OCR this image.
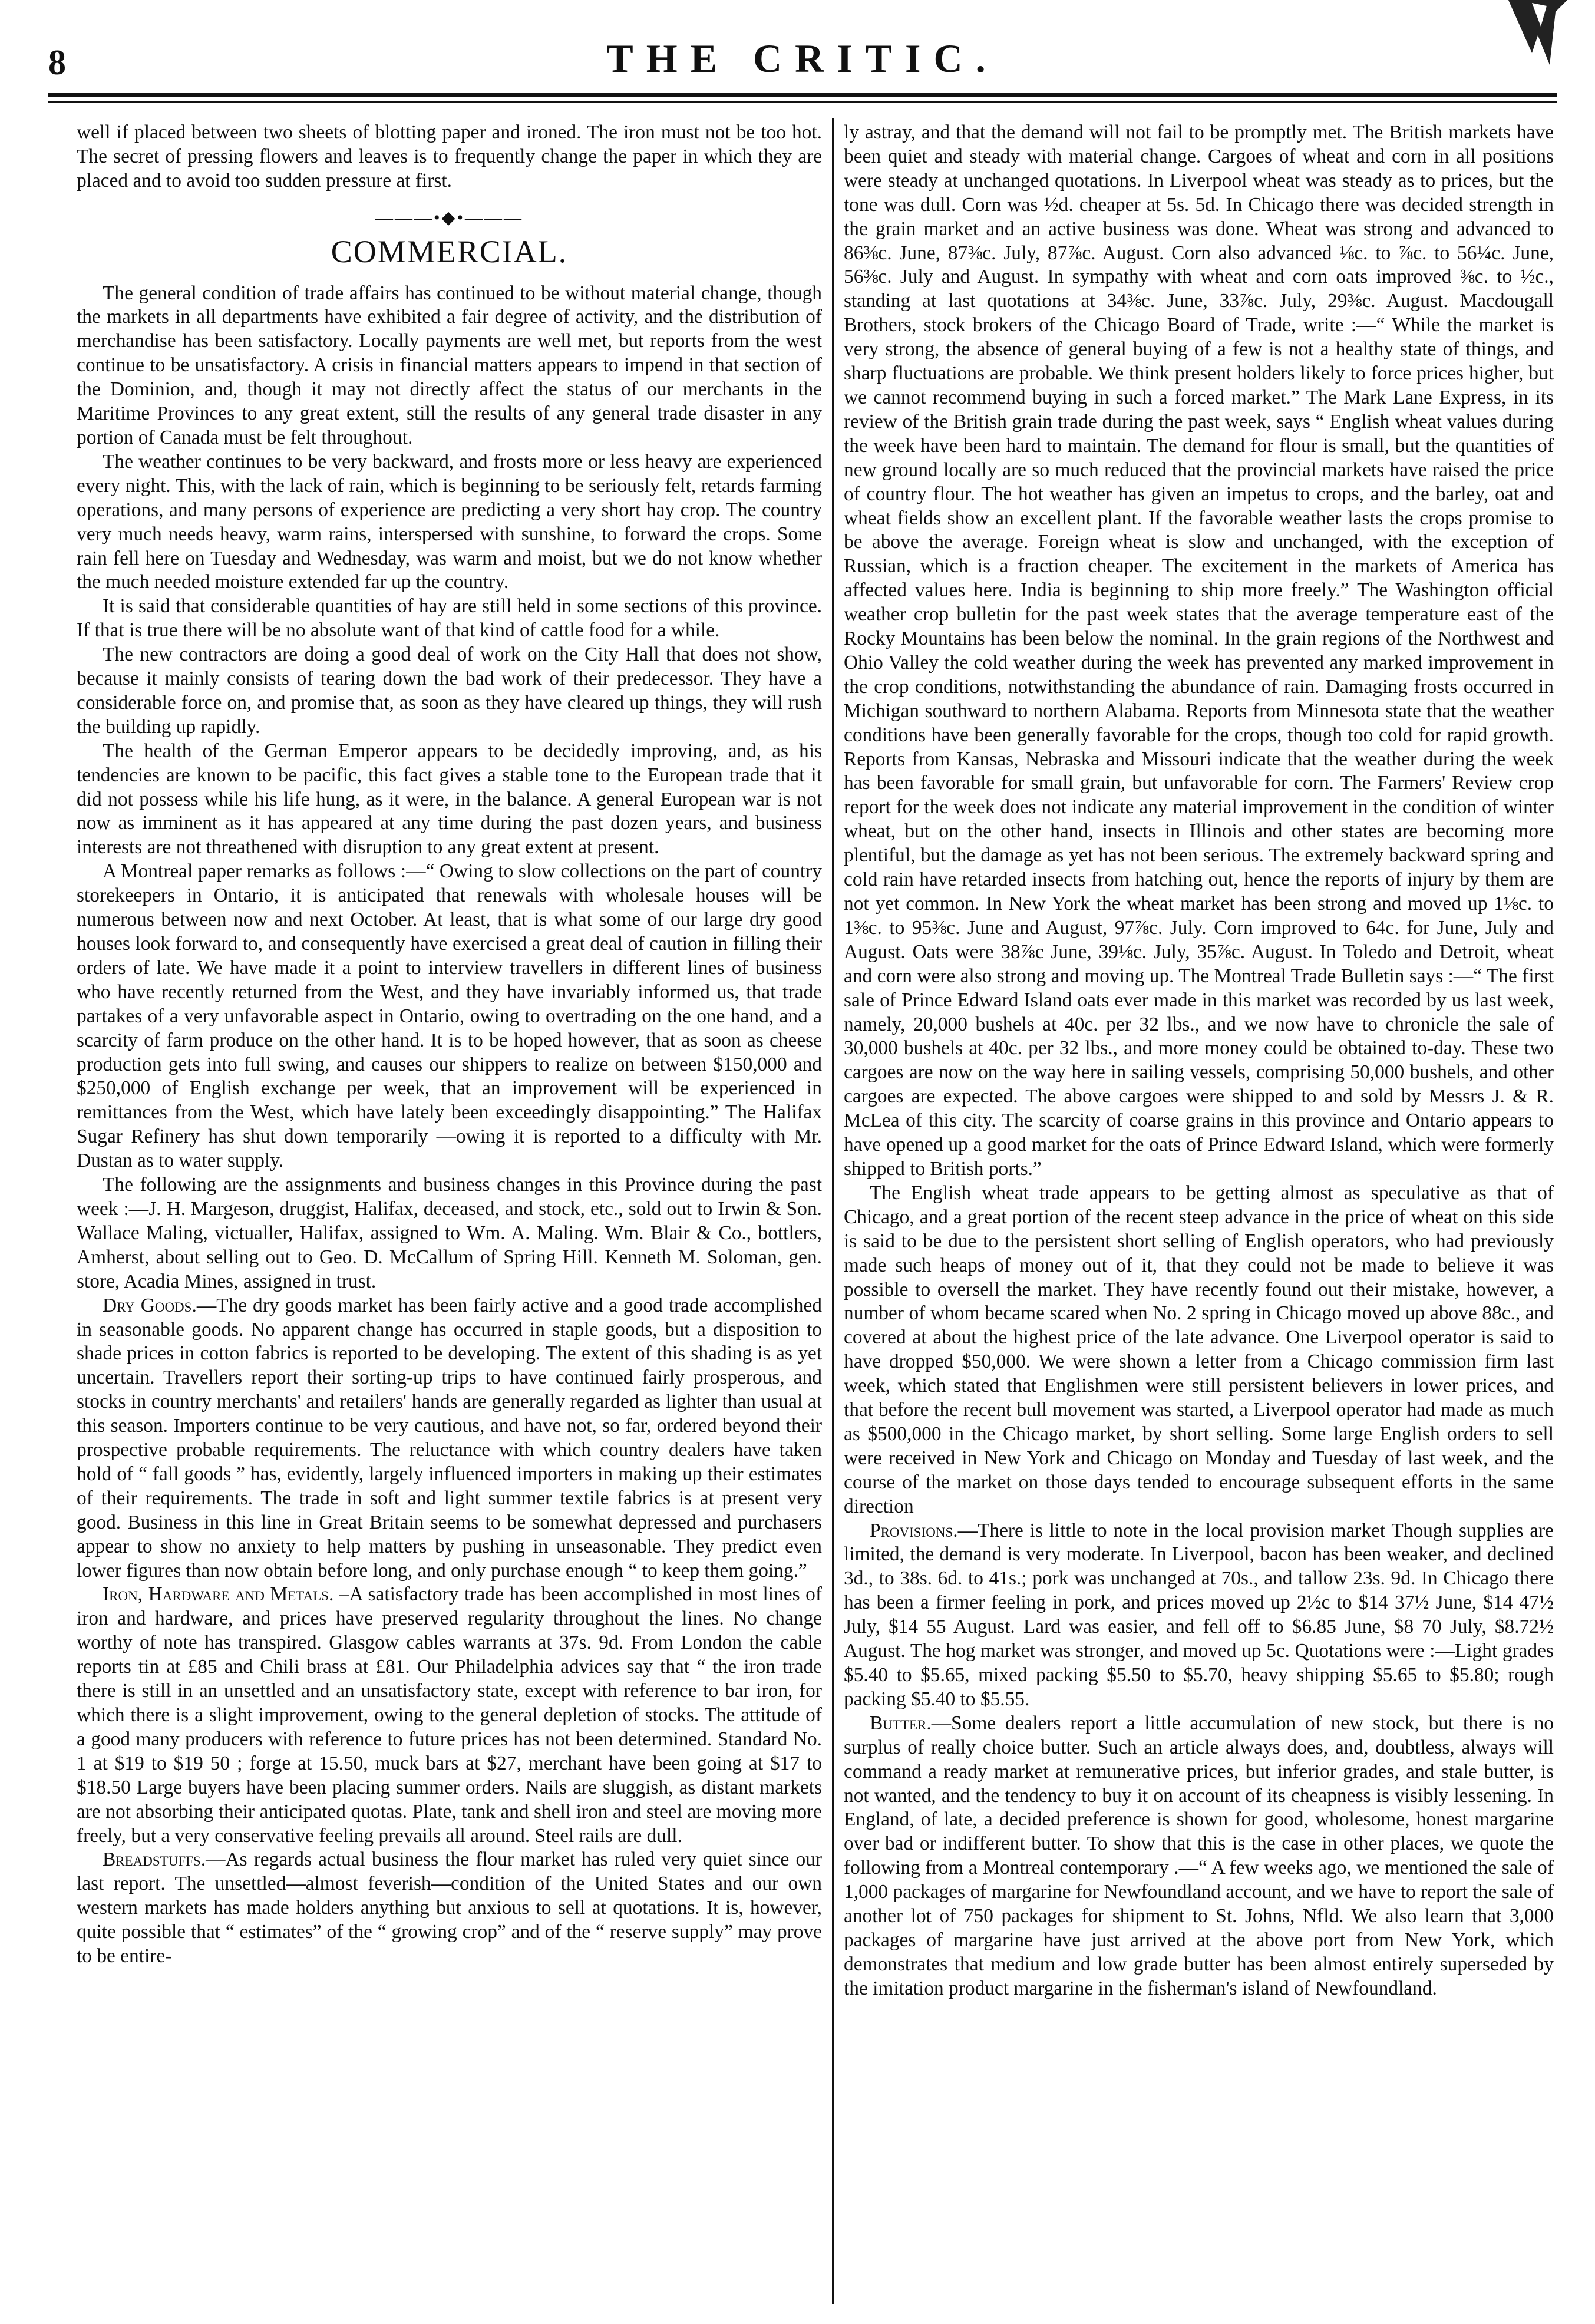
8	THE CRITIC.

well if placed between two sheets of blotting paper and ironed. The iron must not be too hot. The secret of pressing flowers and leaves is to frequently change the paper in which they are placed and to avoid too sudden pressure at first.

———•◆•———
COMMERCIAL.

The general condition of trade affairs has continued to be without material change, though the markets in all departments have exhibited a fair degree of activity, and the distribution of merchandise has been satisfactory. Locally payments are well met, but reports from the west continue to be unsatisfactory. A crisis in financial matters appears to impend in that section of the Dominion, and, though it may not directly affect the status of our merchants in the Maritime Provinces to any great extent, still the results of any general trade disaster in any portion of Canada must be felt throughout.

The weather continues to be very backward, and frosts more or less heavy are experienced every night. This, with the lack of rain, which is beginning to be seriously felt, retards farming operations, and many persons of experience are predicting a very short hay crop. The country very much needs heavy, warm rains, interspersed with sunshine, to forward the crops. Some rain fell here on Tuesday and Wednesday, was warm and moist, but we do not know whether the much needed moisture extended far up the country.

It is said that considerable quantities of hay are still held in some sections of this province. If that is true there will be no absolute want of that kind of cattle food for a while.

The new contractors are doing a good deal of work on the City Hall that does not show, because it mainly consists of tearing down the bad work of their predecessor. They have a considerable force on, and promise that, as soon as they have cleared up things, they will rush the building up rapidly.

The health of the German Emperor appears to be decidedly improving, and, as his tendencies are known to be pacific, this fact gives a stable tone to the European trade that it did not possess while his life hung, as it were, in the balance. A general European war is not now as imminent as it has appeared at any time during the past dozen years, and business interests are not threathened with disruption to any great extent at present.

A Montreal paper remarks as follows :—“ Owing to slow collections on the part of country storekeepers in Ontario, it is anticipated that renewals with wholesale houses will be numerous between now and next October. At least, that is what some of our large dry good houses look forward to, and consequently have exercised a great deal of caution in filling their orders of late. We have made it a point to interview travellers in different lines of business who have recently returned from the West, and they have invariably informed us, that trade partakes of a very unfavorable aspect in Ontario, owing to overtrading on the one hand, and a scarcity of farm produce on the other hand. It is to be hoped however, that as soon as cheese production gets into full swing, and causes our shippers to realize on between $150,000 and $250,000 of English exchange per week, that an improvement will be experienced in remittances from the West, which have lately been exceedingly disappointing.” The Halifax Sugar Refinery has shut down temporarily —owing it is reported to a difficulty with Mr. Dustan as to water supply.

The following are the assignments and business changes in this Province during the past week :—J. H. Margeson, druggist, Halifax, deceased, and stock, etc., sold out to Irwin & Son. Wallace Maling, victualler, Halifax, assigned to Wm. A. Maling. Wm. Blair & Co., bottlers, Amherst, about selling out to Geo. D. McCallum of Spring Hill. Kenneth M. Soloman, gen. store, Acadia Mines, assigned in trust.

Dry Goods.—The dry goods market has been fairly active and a good trade accomplished in seasonable goods. No apparent change has occurred in staple goods, but a disposition to shade prices in cotton fabrics is reported to be developing. The extent of this shading is as yet uncertain. Travellers report their sorting-up trips to have continued fairly prosperous, and stocks in country merchants' and retailers' hands are generally regarded as lighter than usual at this season. Importers continue to be very cautious, and have not, so far, ordered beyond their prospective probable requirements. The reluctance with which country dealers have taken hold of “ fall goods ” has, evidently, largely influenced importers in making up their estimates of their requirements. The trade in soft and light summer textile fabrics is at present very good. Business in this line in Great Britain seems to be somewhat depressed and purchasers appear to show no anxiety to help matters by pushing in unseasonable. They predict even lower figures than now obtain before long, and only purchase enough “ to keep them going.”

Iron, Hardware and Metals. –A satisfactory trade has been accomplished in most lines of iron and hardware, and prices have preserved regularity throughout the lines. No change worthy of note has transpired. Glasgow cables warrants at 37s. 9d. From London the cable reports tin at £85 and Chili brass at £81. Our Philadelphia advices say that “ the iron trade there is still in an unsettled and an unsatisfactory state, except with reference to bar iron, for which there is a slight improvement, owing to the general depletion of stocks. The attitude of a good many producers with reference to future prices has not been determined. Standard No. 1 at $19 to $19 50 ; forge at 15.50, muck bars at $27, merchant have been going at $17 to $18.50 Large buyers have been placing summer orders. Nails are sluggish, as distant markets are not absorbing their anticipated quotas. Plate, tank and shell iron and steel are moving more freely, but a very conservative feeling prevails all around. Steel rails are dull.

Breadstuffs.—As regards actual business the flour market has ruled very quiet since our last report. The unsettled—almost feverish—condition of the United States and our own western markets has made holders anything but anxious to sell at quotations. It is, however, quite possible that “ estimates” of the “ growing crop” and of the “ reserve supply” may prove to be entire-

ly astray, and that the demand will not fail to be promptly met. The British markets have been quiet and steady with material change. Cargoes of wheat and corn in all positions were steady at unchanged quotations. In Liverpool wheat was steady as to prices, but the tone was dull. Corn was ½d. cheaper at 5s. 5d. In Chicago there was decided strength in the grain market and an active business was done. Wheat was strong and advanced to 86⅜c. June, 87⅜c. July, 87⅞c. August. Corn also advanced ⅛c. to ⅞c. to 56¼c. June, 56⅜c. July and August. In sympathy with wheat and corn oats improved ⅜c. to ½c., standing at last quotations at 34⅜c. June, 33⅞c. July, 29⅜c. August. Macdougall Brothers, stock brokers of the Chicago Board of Trade, write :—“ While the market is very strong, the absence of general buying of a few is not a healthy state of things, and sharp fluctuations are probable. We think present holders likely to force prices higher, but we cannot recommend buying in such a forced market.” The Mark Lane Express, in its review of the British grain trade during the past week, says “ English wheat values during the week have been hard to maintain. The demand for flour is small, but the quantities of new ground locally are so much reduced that the provincial markets have raised the price of country flour. The hot weather has given an impetus to crops, and the barley, oat and wheat fields show an excellent plant. If the favorable weather lasts the crops promise to be above the average. Foreign wheat is slow and unchanged, with the exception of Russian, which is a fraction cheaper. The excitement in the markets of America has affected values here. India is beginning to ship more freely.” The Washington official weather crop bulletin for the past week states that the average temperature east of the Rocky Mountains has been below the nominal. In the grain regions of the Northwest and Ohio Valley the cold weather during the week has prevented any marked improvement in the crop conditions, notwithstanding the abundance of rain. Damaging frosts occurred in Michigan southward to northern Alabama. Reports from Minnesota state that the weather conditions have been generally favorable for the crops, though too cold for rapid growth. Reports from Kansas, Nebraska and Missouri indicate that the weather during the week has been favorable for small grain, but unfavorable for corn. The Farmers' Review crop report for the week does not indicate any material improvement in the condition of winter wheat, but on the other hand, insects in Illinois and other states are becoming more plentiful, but the damage as yet has not been serious. The extremely backward spring and cold rain have retarded insects from hatching out, hence the reports of injury by them are not yet common. In New York the wheat market has been strong and moved up 1⅛c. to 1⅜c. to 95⅜c. June and August, 97⅞c. July. Corn improved to 64c. for June, July and August. Oats were 38⅞c June, 39⅛c. July, 35⅞c. August. In Toledo and Detroit, wheat and corn were also strong and moving up. The Montreal Trade Bulletin says :—“ The first sale of Prince Edward Island oats ever made in this market was recorded by us last week, namely, 20,000 bushels at 40c. per 32 lbs., and we now have to chronicle the sale of 30,000 bushels at 40c. per 32 lbs., and more money could be obtained to-day. These two cargoes are now on the way here in sailing vessels, comprising 50,000 bushels, and other cargoes are expected. The above cargoes were shipped to and sold by Messrs J. & R. McLea of this city. The scarcity of coarse grains in this province and Ontario appears to have opened up a good market for the oats of Prince Edward Island, which were formerly shipped to British ports.”

The English wheat trade appears to be getting almost as speculative as that of Chicago, and a great portion of the recent steep advance in the price of wheat on this side is said to be due to the persistent short selling of English operators, who had previously made such heaps of money out of it, that they could not be made to believe it was possible to oversell the market. They have recently found out their mistake, however, a number of whom became scared when No. 2 spring in Chicago moved up above 88c., and covered at about the highest price of the late advance. One Liverpool operator is said to have dropped $50,000. We were shown a letter from a Chicago commission firm last week, which stated that Englishmen were still persistent believers in lower prices, and that before the recent bull movement was started, a Liverpool operator had made as much as $500,000 in the Chicago market, by short selling. Some large English orders to sell were received in New York and Chicago on Monday and Tuesday of last week, and the course of the market on those days tended to encourage subsequent efforts in the same direction

Provisions.—There is little to note in the local provision market Though supplies are limited, the demand is very moderate. In Liverpool, bacon has been weaker, and declined 3d., to 38s. 6d. to 41s.; pork was unchanged at 70s., and tallow 23s. 9d. In Chicago there has been a firmer feeling in pork, and prices moved up 2½c to $14 37½ June, $14 47½ July, $14 55 August. Lard was easier, and fell off to $6.85 June, $8 70 July, $8.72½ August. The hog market was stronger, and moved up 5c. Quotations were :—Light grades $5.40 to $5.65, mixed packing $5.50 to $5.70, heavy shipping $5.65 to $5.80; rough packing $5.40 to $5.55.

Butter.—Some dealers report a little accumulation of new stock, but there is no surplus of really choice butter. Such an article always does, and, doubtless, always will command a ready market at remunerative prices, but inferior grades, and stale butter, is not wanted, and the tendency to buy it on account of its cheapness is visibly lessening. In England, of late, a decided preference is shown for good, wholesome, honest margarine over bad or indifferent butter. To show that this is the case in other places, we quote the following from a Montreal contemporary .—“ A few weeks ago, we mentioned the sale of 1,000 packages of margarine for Newfoundland account, and we have to report the sale of another lot of 750 packages for shipment to St. Johns, Nfld. We also learn that 3,000 packages of margarine have just arrived at the above port from New York, which demonstrates that medium and low grade butter has been almost entirely superseded by the imitation product margarine in the fisherman's island of Newfoundland.
